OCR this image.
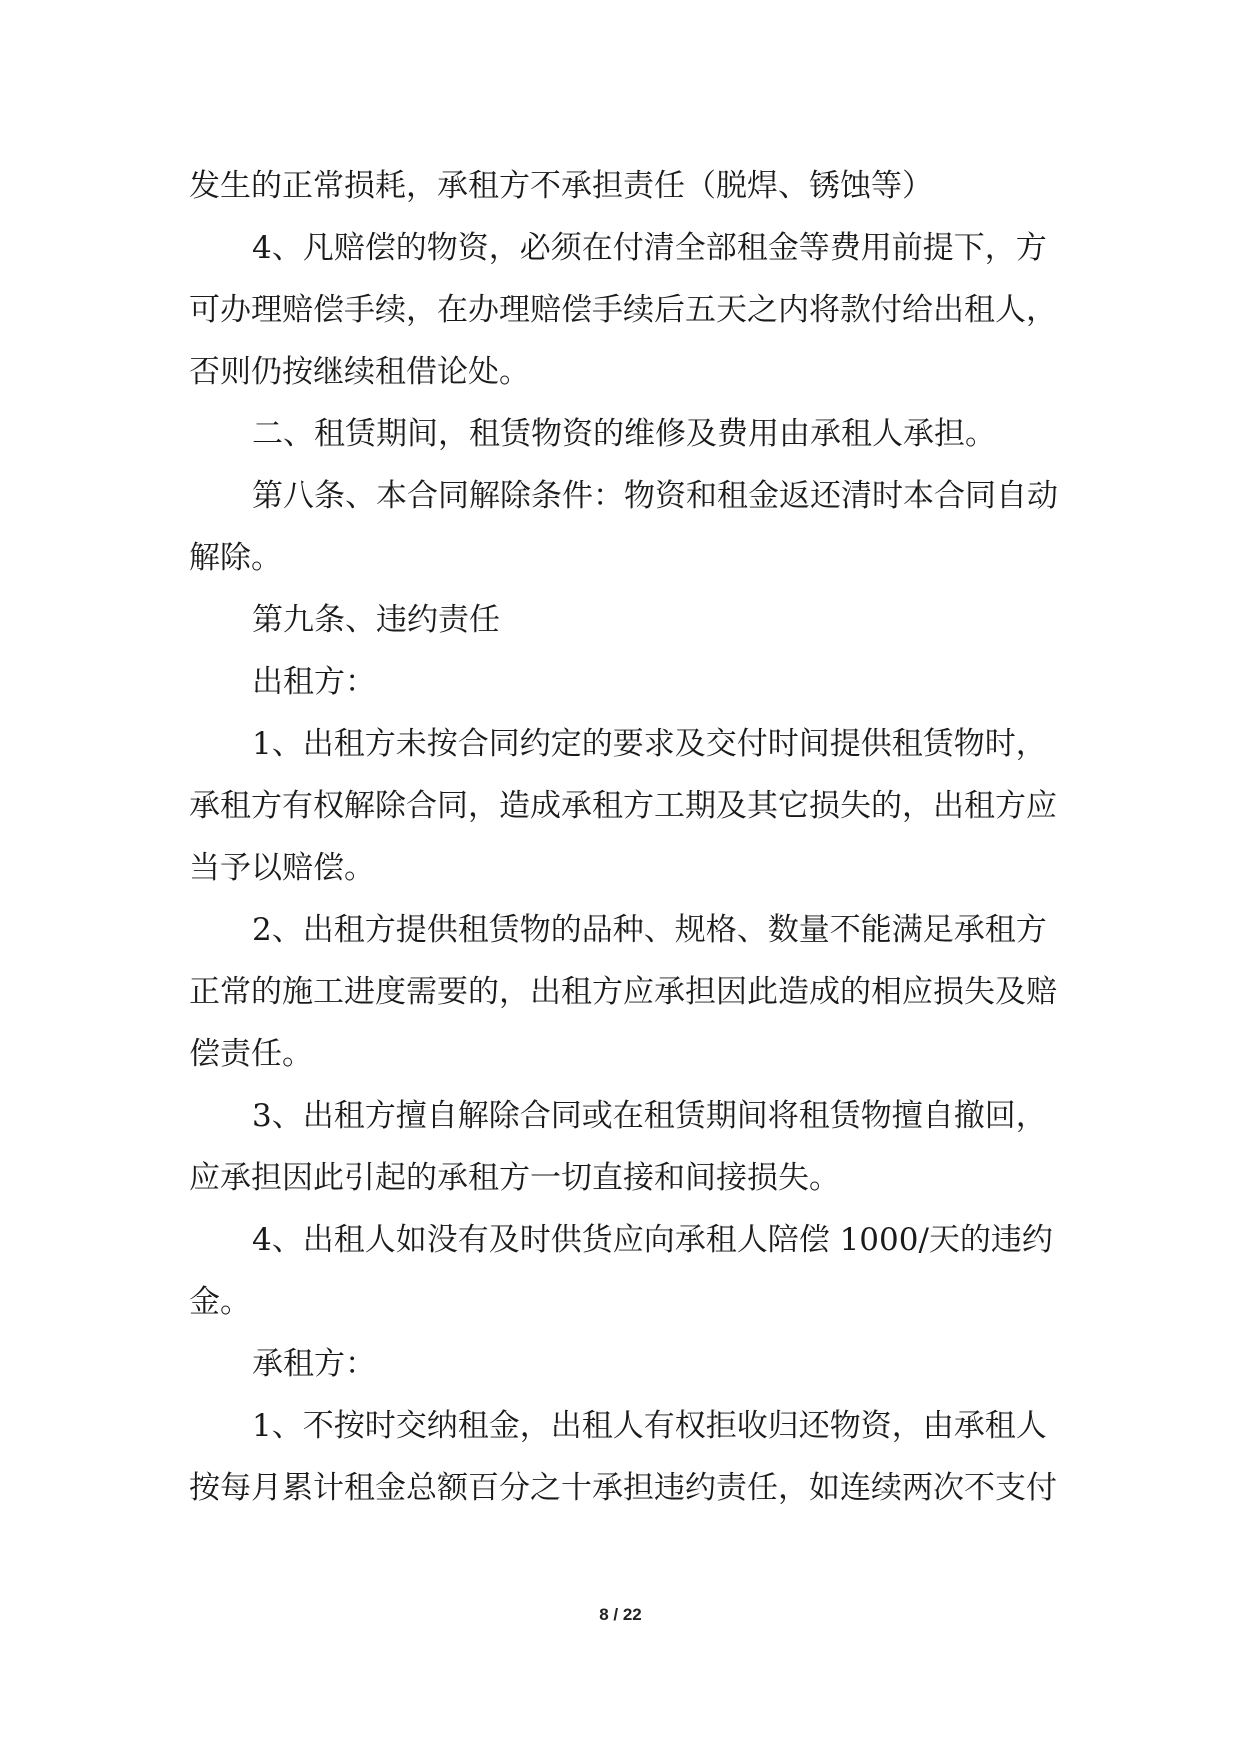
发生的正常损耗，承租方不承担责任（脱焊、锈蚀等）
4、凡赔偿的物资，必须在付清全部租金等费用前提下，方
可办理赔偿手续，在办理赔偿手续后五天之内将款付给出租人，
否则仍按继续租借论处。
二、租赁期间，租赁物资的维修及费用由承租人承担。
第八条、本合同解除条件：物资和租金返还清时本合同自动
解除。
第九条、违约责任
出租方：
1、出租方未按合同约定的要求及交付时间提供租赁物时，
承租方有权解除合同，造成承租方工期及其它损失的，出租方应
当予以赔偿。
2、出租方提供租赁物的品种、规格、数量不能满足承租方
正常的施工进度需要的，出租方应承担因此造成的相应损失及赔
偿责任。
3、出租方擅自解除合同或在租赁期间将租赁物擅自撤回，
应承担因此引起的承租方一切直接和间接损失。
4、出租人如没有及时供货应向承租人陪偿 1000/天的违约
金。
承租方：
1、不按时交纳租金，出租人有权拒收归还物资，由承租人
按每月累计租金总额百分之十承担违约责任，如连续两次不支付
8 / 22
